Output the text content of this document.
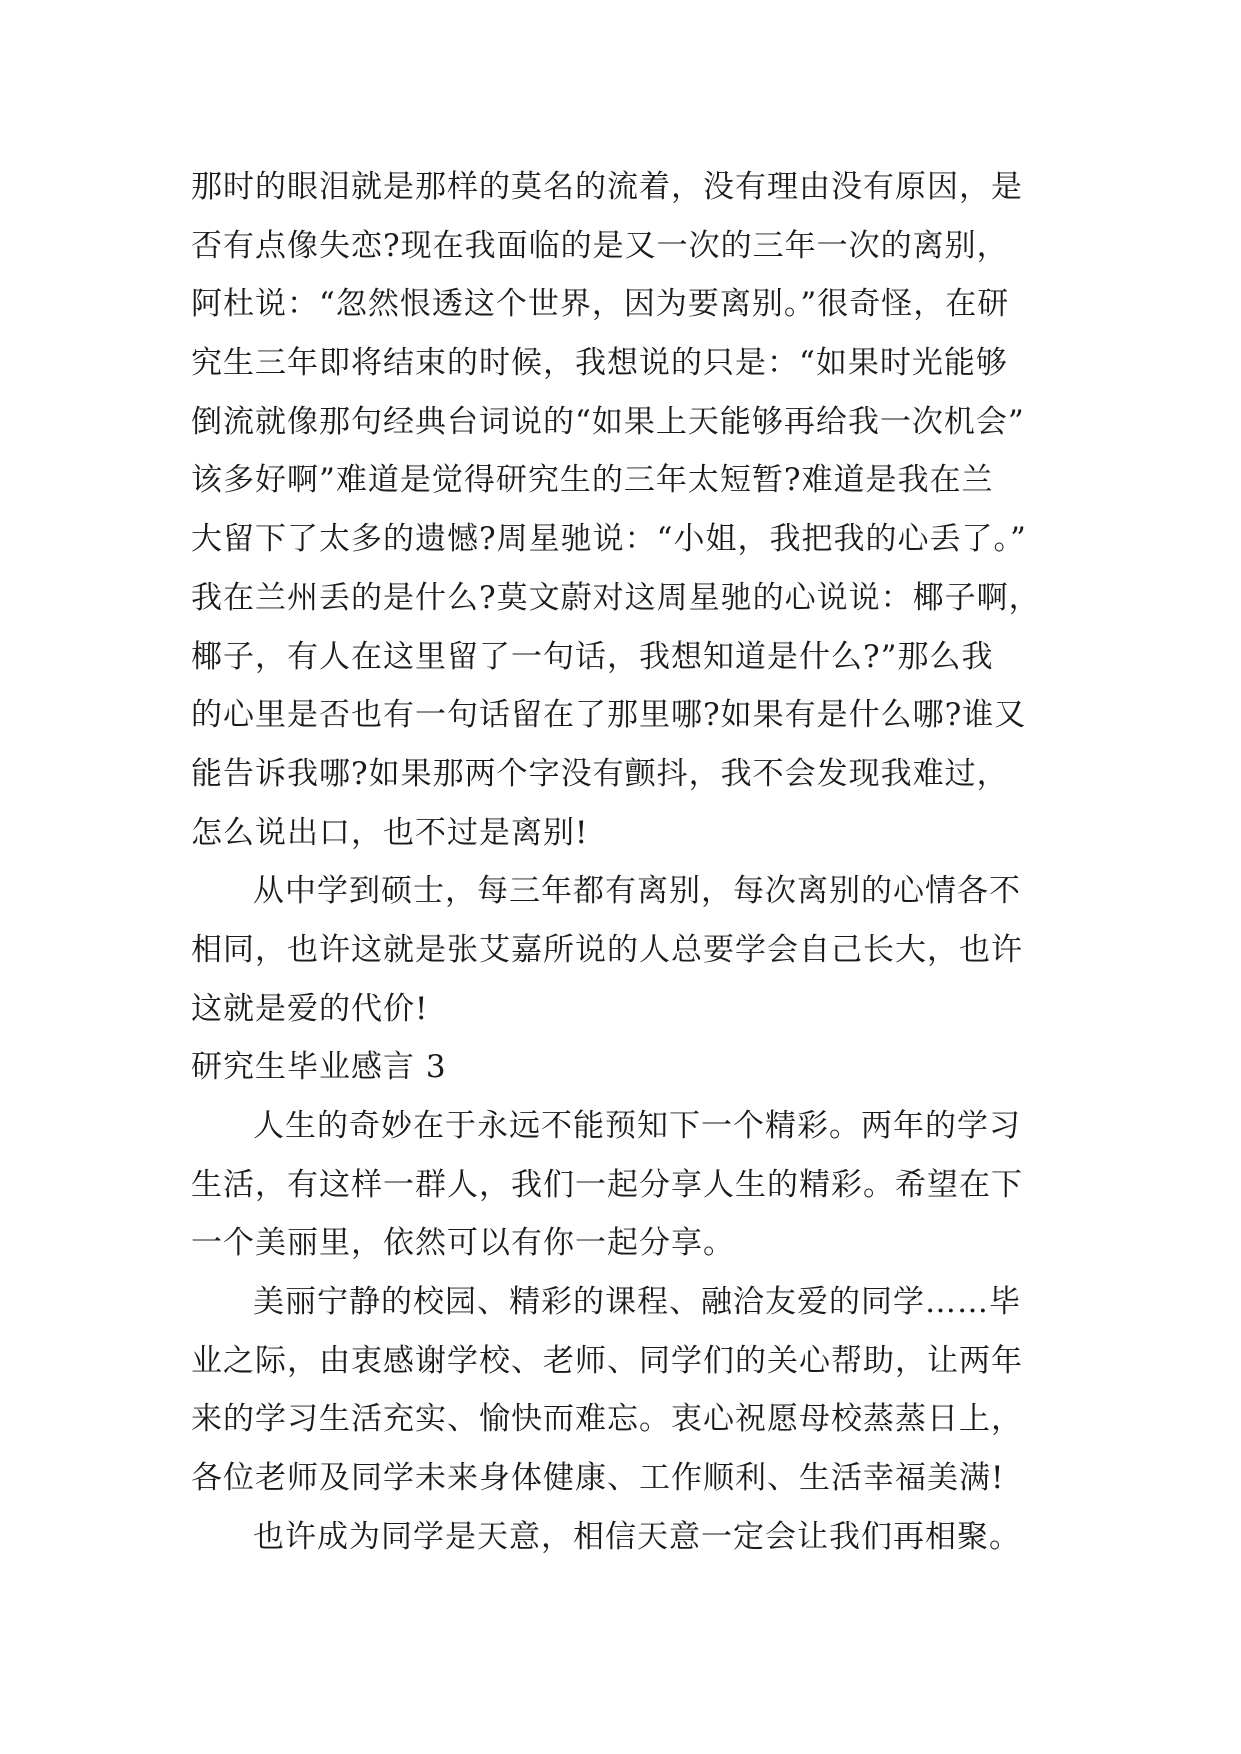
那时的眼泪就是那样的莫名的流着，没有理由没有原因，是
否有点像失恋?现在我面临的是又一次的三年一次的离别，
阿杜说：“忽然恨透这个世界，因为要离别。”很奇怪，在研
究生三年即将结束的时候，我想说的只是：“如果时光能够
倒流就像那句经典台词说的“如果上天能够再给我一次机会”
该多好啊”难道是觉得研究生的三年太短暂?难道是我在兰
大留下了太多的遗憾?周星驰说：“小姐，我把我的心丢了。”
我在兰州丢的是什么?莫文蔚对这周星驰的心说说：椰子啊，
椰子，有人在这里留了一句话，我想知道是什么?”那么我
的心里是否也有一句话留在了那里哪?如果有是什么哪?谁又
能告诉我哪?如果那两个字没有颤抖，我不会发现我难过，
怎么说出口，也不过是离别!
从中学到硕士，每三年都有离别，每次离别的心情各不
相同，也许这就是张艾嘉所说的人总要学会自己长大，也许
这就是爱的代价!
研究生毕业感言 3
人生的奇妙在于永远不能预知下一个精彩。两年的学习
生活，有这样一群人，我们一起分享人生的精彩。希望在下
一个美丽里，依然可以有你一起分享。
美丽宁静的校园、精彩的课程、融洽友爱的同学……毕
业之际，由衷感谢学校、老师、同学们的关心帮助，让两年
来的学习生活充实、愉快而难忘。衷心祝愿母校蒸蒸日上，
各位老师及同学未来身体健康、工作顺利、生活幸福美满!
也许成为同学是天意，相信天意一定会让我们再相聚。
